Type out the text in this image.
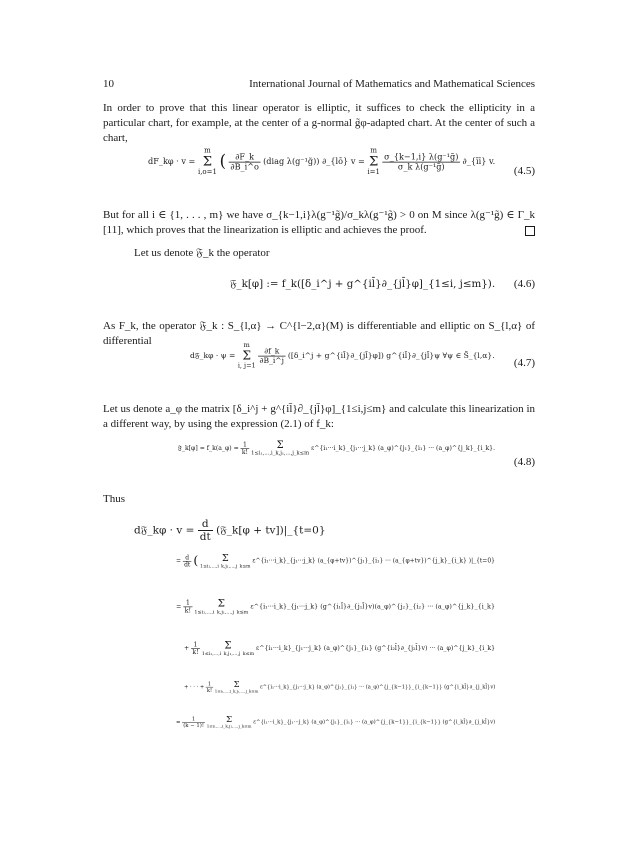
10	International Journal of Mathematics and Mathematical Sciences
In order to prove that this linear operator is elliptic, it suffices to check the ellipticity in a particular chart, for example, at the center of a g-normal g̃φ-adapted chart. At the center of such a chart,
dF_kφ · v = m
Σ
i,o=1 ( $\frac{\partial F\_k}{\partial B\_i\^{}o}$ (diag λ(g⁻¹g̃)) ∂_{lō} v = m
Σ
i=1
$\frac{\text{σ\_\{k−1,i\} λ(g⁻¹g̃)}}{\text{σ\_k λ(g⁻¹g̃)}}$ ∂_{īī} v.
(4.5)
But for all i ∈ {1, . . . , m} we have σ_{k−1,i}λ(g⁻¹g̃)/σ_kλ(g⁻¹g̃) > 0 on M since λ(g⁻¹g̃) ∈ Γ_k [11], which proves that the linearization is elliptic and achieves the proof.
Let us denote 𝔉_k the operator
𝔉_k[φ] := f_k([δ_i^j + g^{il̄}∂_{jl̄}φ]_{1≤i, j≤m}). (4.6)
As F_k, the operator 𝔉_k : S_{l,α} → C^{l−2,α}(M) is differentiable and elliptic on S_{l,α} of differential
d𝔉_kφ · ψ = m
Σ
i, j=1
$\frac{\partial f\_k}{\partial B\_i\^{}j}$ ([δ_i^j + g^{il̄}∂_{jl̄}φ]) g^{il̄}∂_{jl̄}ψ ∀ψ ∈ S̃_{l,α}.
(4.7)
Let us denote a_φ the matrix [δ_i^j + g^{il̄}∂_{jl̄}φ]_{1≤i,j≤m} and calculate this linearization in a different way, by using the expression (2.1) of f_k:
𝔉_k[φ] = f_k(a_φ) = $\frac{1}{k!}$
	Σ
1≤i₁,...,i_k,j₁,...,j_k≤m ε^{i₁···i_k}_{j₁···j_k} (a_φ)^{j₁}_{i₁} ··· (a_φ)^{j_k}_{i_k}.
(4.8)
Thus
d𝔉_kφ · $v = \frac{d}{dt}$ (𝔉_k[φ + tv])|_{t=0}
= $\frac{d}{dt}$ (	Σ
1≤i₁,...,i_k,j₁,...,j_k≤m ε^{i₁···i_k}_{j₁···j_k} (a_{φ+tv})^{j₁}_{i₁} ··· (a_{φ+tv})^{j_k}_{i_k} )|_{t=0}
= $\frac{1}{k!}$
	Σ
1≤i₁,...,i_k,j₁,...,j_k≤m ε^{i₁···i_k}_{j₁···j_k} (g^{i₁l̄}∂_{j₁l̄}v)(a_φ)^{j₂}_{i₂} ··· (a_φ)^{j_k}_{i_k}
+ $\frac{1}{k!}$
	Σ
1≤i₁,...,i_k,j₁,...,j_k≤m ε^{i₁···i_k}_{j₁···j_k} (a_φ)^{j₁}_{i₁} (g^{i₂l̄}∂_{j₂l̄}v) ··· (a_φ)^{j_k}_{i_k}
+ · · · + $\frac{1}{k!}$
	Σ
1≤i₁,...,i_k,j₁,...,j_k≤m ε^{i₁···i_k}_{j₁···j_k} (a_φ)^{j₁}_{i₁} ··· (a_φ)^{j_{k−1}}_{i_{k−1}} (g^{i_kl̄}∂_{j_kl̄}v)
= $\frac{1}{(k - 1)!}$
	Σ
1≤i₁,...,i_k,j₁,...,j_k≤m ε^{i₁···i_k}_{j₁···j_k} (a_φ)^{j₁}_{i₁} ··· (a_φ)^{j_{k−1}}_{i_{k−1}} (g^{i_kl̄}∂_{j_kl̄}v)
